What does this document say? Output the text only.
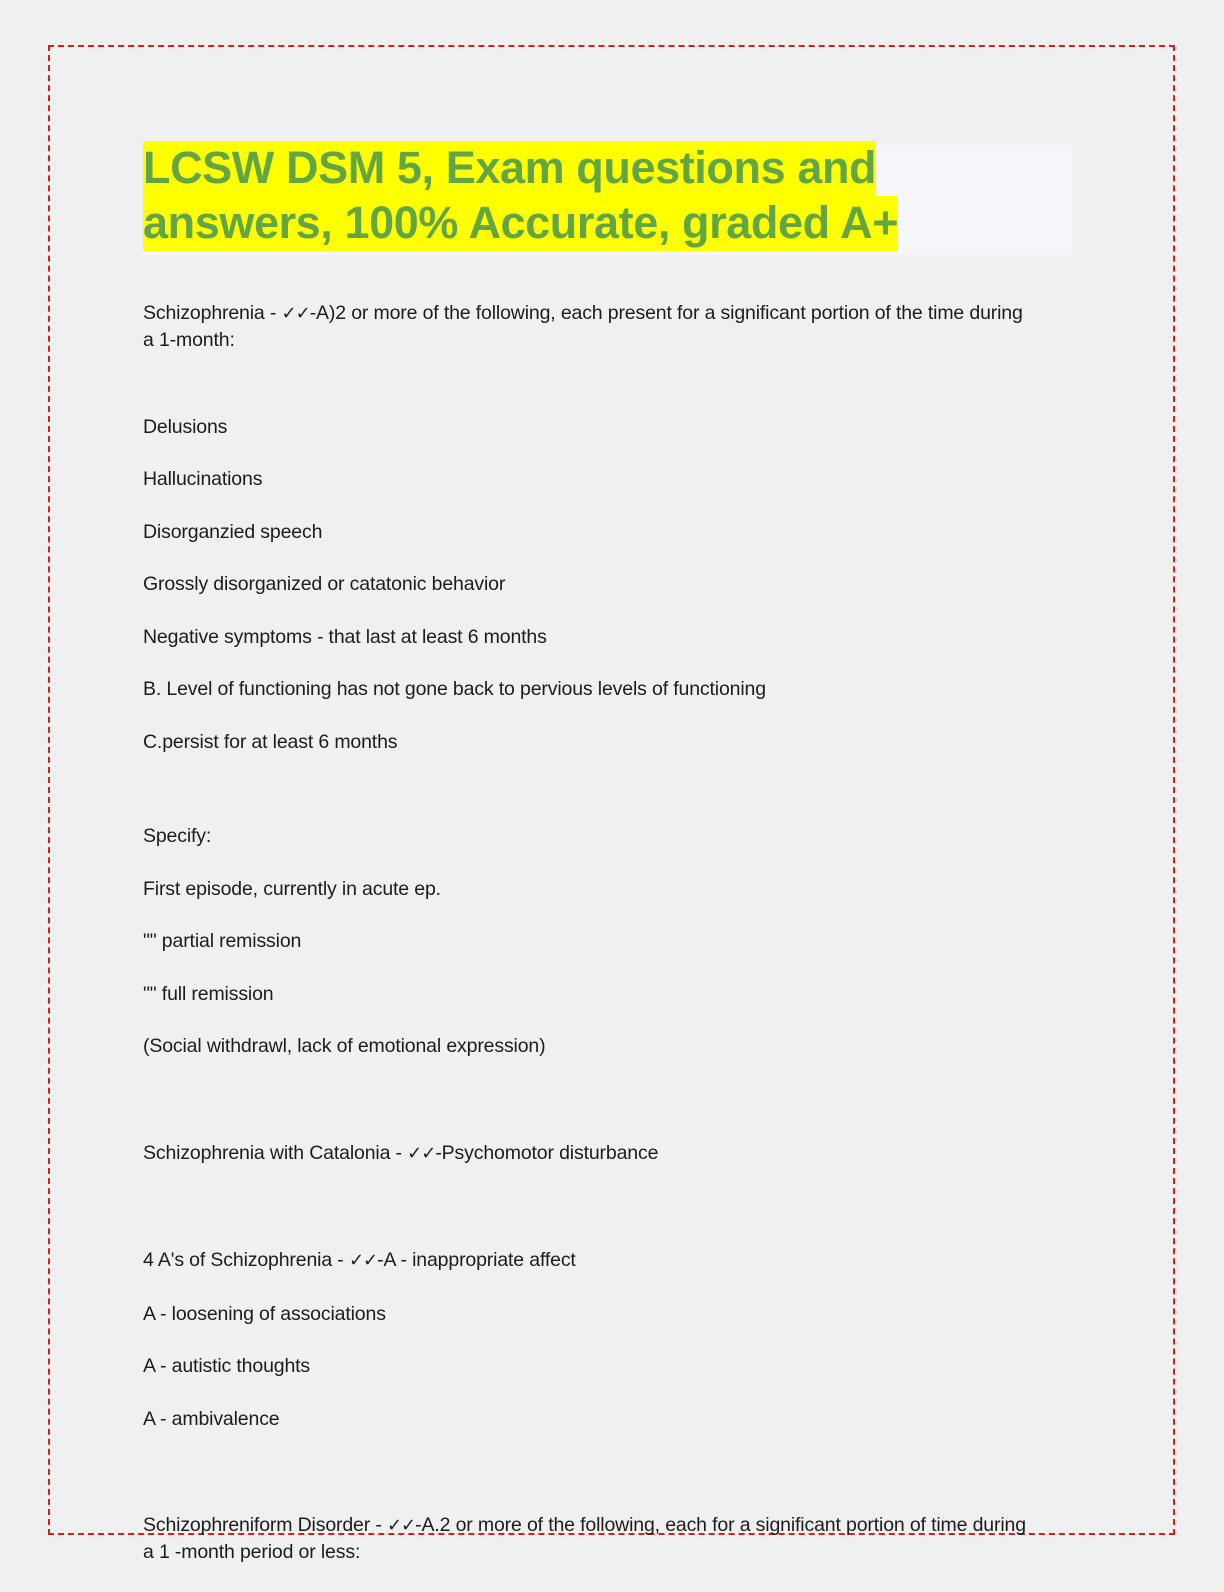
LCSW DSM 5, Exam questions and
answers, 100% Accurate, graded A+

Schizophrenia - ✓✓-A)2 or more of the following, each present for a significant portion of the time during a 1-month:

Delusions

Hallucinations

Disorganzied speech

Grossly disorganized or catatonic behavior

Negative symptoms - that last at least 6 months

B. Level of functioning has not gone back to pervious levels of functioning

C.persist for at least 6 months

Specify:

First episode, currently in acute ep.

"" partial remission

"" full remission

(Social withdrawl, lack of emotional expression)

Schizophrenia with Catalonia - ✓✓-Psychomotor disturbance

4 A's of Schizophrenia - ✓✓-A - inappropriate affect

A - loosening of associations

A - autistic thoughts

A - ambivalence

Schizophreniform Disorder - ✓✓-A.2 or more of the following, each for a significant portion of time during a 1 -month period or less:
